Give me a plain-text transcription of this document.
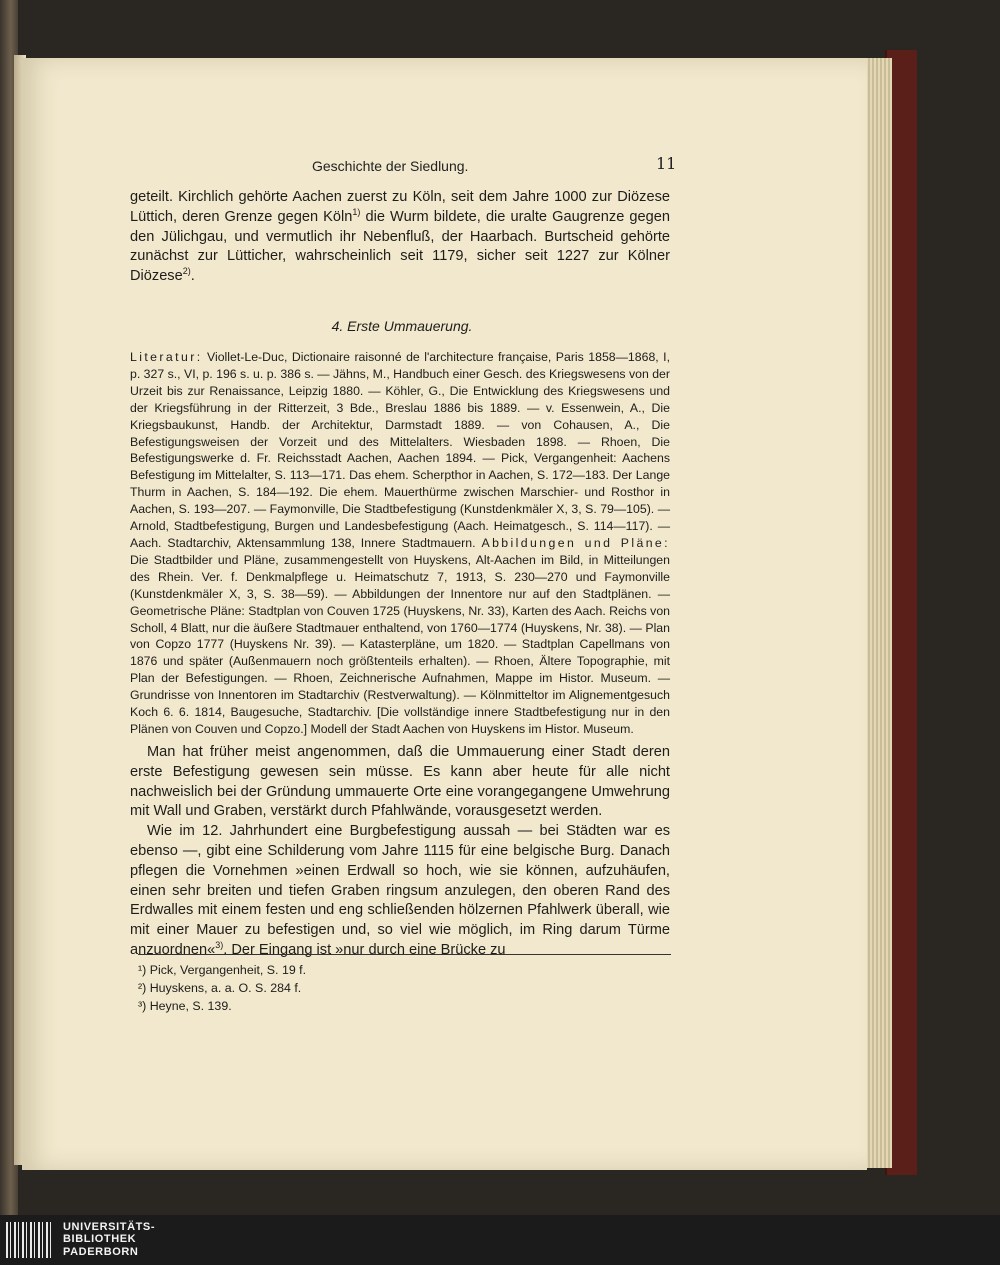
Geschichte der Siedlung.	11
geteilt. Kirchlich gehörte Aachen zuerst zu Köln, seit dem Jahre 1000 zur Diözese Lüttich, deren Grenze gegen Köln$^{1)}$ die Wurm bildete, die uralte Gaugrenze gegen den Jülichgau, und vermutlich ihr Nebenfluß, der Haarbach. Burtscheid gehörte zunächst zur Lütticher, wahrscheinlich seit 1179, sicher seit 1227 zur Kölner Diözese$^{2)}$.
4. Erste Ummauerung.
Literatur: Viollet-Le-Duc, Dictionaire raisonné de l'architecture française, Paris 1858—1868, I, p. 327 s., VI, p. 196 s. u. p. 386 s. — Jähns, M., Handbuch einer Gesch. des Kriegswesens von der Urzeit bis zur Renaissance, Leipzig 1880. — Köhler, G., Die Entwicklung des Kriegswesens und der Kriegsführung in der Ritterzeit, 3 Bde., Breslau 1886 bis 1889. — v. Essenwein, A., Die Kriegsbaukunst, Handb. der Architektur, Darmstadt 1889. — von Cohausen, A., Die Befestigungsweisen der Vorzeit und des Mittelalters. Wiesbaden 1898. — Rhoen, Die Befestigungswerke d. Fr. Reichsstadt Aachen, Aachen 1894. — Pick, Vergangenheit: Aachens Befestigung im Mittelalter, S. 113—171. Das ehem. Scherpthor in Aachen, S. 172—183. Der Lange Thurm in Aachen, S. 184—192. Die ehem. Mauerthürme zwischen Marschier- und Rosthor in Aachen, S. 193—207. — Faymonville, Die Stadtbefestigung (Kunstdenkmäler X, 3, S. 79—105). — Arnold, Stadtbefestigung, Burgen und Landesbefestigung (Aach. Heimatgesch., S. 114—117). — Aach. Stadtarchiv, Aktensammlung 138, Innere Stadtmauern. Abbildungen und Pläne: Die Stadtbilder und Pläne, zusammengestellt von Huyskens, Alt-Aachen im Bild, in Mitteilungen des Rhein. Ver. f. Denkmalpflege u. Heimatschutz 7, 1913, S. 230—270 und Faymonville (Kunstdenkmäler X, 3, S. 38—59). — Abbildungen der Innentore nur auf den Stadtplänen. — Geometrische Pläne: Stadtplan von Couven 1725 (Huyskens, Nr. 33), Karten des Aach. Reichs von Scholl, 4 Blatt, nur die äußere Stadtmauer enthaltend, von 1760—1774 (Huyskens, Nr. 38). — Plan von Copzo 1777 (Huyskens Nr. 39). — Katasterpläne, um 1820. — Stadtplan Capellmans von 1876 und später (Außenmauern noch größtenteils erhalten). — Rhoen, Ältere Topographie, mit Plan der Befestigungen. — Rhoen, Zeichnerische Aufnahmen, Mappe im Histor. Museum. — Grundrisse von Innentoren im Stadtarchiv (Restverwaltung). — Kölnmitteltor im Alignementgesuch Koch 6. 6. 1814, Baugesuche, Stadtarchiv. [Die vollständige innere Stadtbefestigung nur in den Plänen von Couven und Copzo.] Modell der Stadt Aachen von Huyskens im Histor. Museum.

Man hat früher meist angenommen, daß die Ummauerung einer Stadt deren erste Befestigung gewesen sein müsse. Es kann aber heute für alle nicht nachweislich bei der Gründung ummauerte Orte eine vorangegangene Umwehrung mit Wall und Graben, verstärkt durch Pfahlwände, vorausgesetzt werden.

Wie im 12. Jahrhundert eine Burgbefestigung aussah — bei Städten war es ebenso —, gibt eine Schilderung vom Jahre 1115 für eine belgische Burg. Danach pflegen die Vornehmen »einen Erdwall so hoch, wie sie können, aufzuhäufen, einen sehr breiten und tiefen Graben ringsum anzulegen, den oberen Rand des Erdwalles mit einem festen und eng schließenden hölzernen Pfahlwerk überall, wie mit einer Mauer zu befestigen und, so viel wie möglich, im Ring darum Türme anzuordnen«$^{3)}$. Der Eingang ist »nur durch eine Brücke zu

¹) Pick, Vergangenheit, S. 19 f.
²) Huyskens, a. a. O. S. 284 f.
³) Heyne, S. 139.
UNIVERSITÄTS-
BIBLIOTHEK
PADERBORN
